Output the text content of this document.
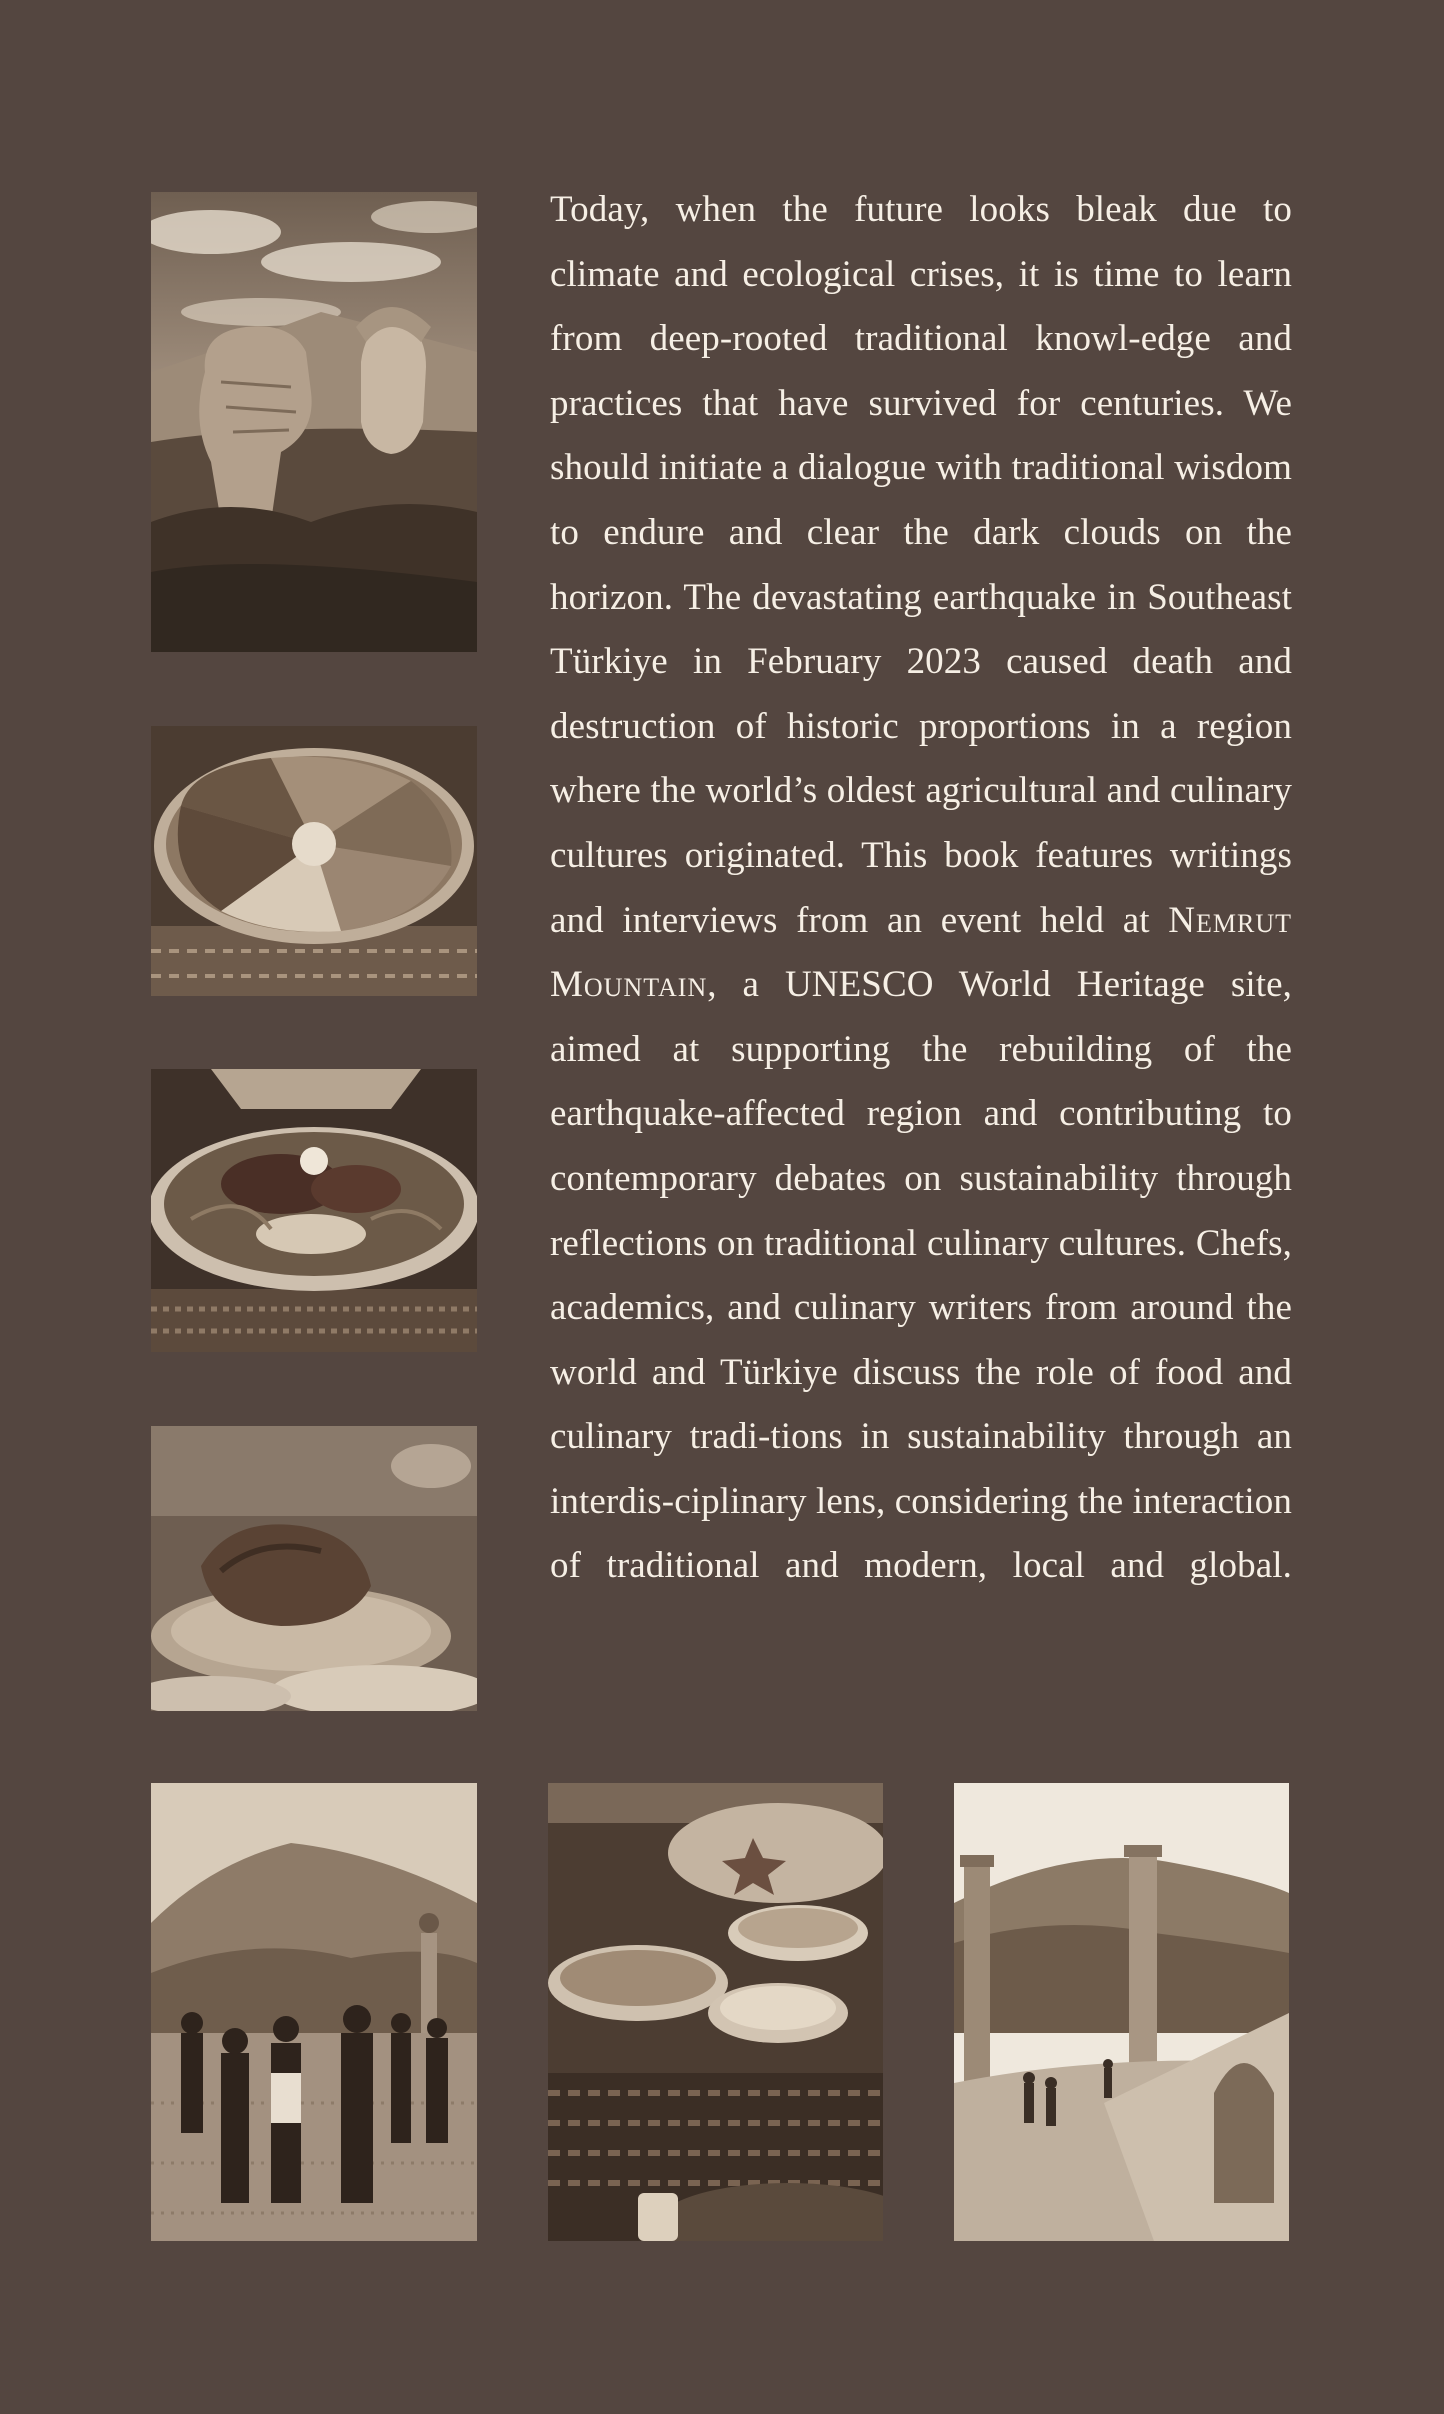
Today, when the future looks bleak due to climate and ecological crises, it is time to learn from deep-rooted traditional knowl-edge and practices that have survived for centuries. We should initiate a dialogue with traditional wisdom to endure and clear the dark clouds on the horizon. The devastating earthquake in Southeast Türkiye in February 2023 caused death and destruction of historic proportions in a region where the world’s oldest agricultural and culinary cultures originated. This book features writings and interviews from an event held at Nemrut Mountain, a UNESCO World Heritage site, aimed at supporting the rebuilding of the earthquake-affected region and contributing to contemporary debates on sustainability through reflections on traditional culinary cultures. Chefs, academics, and culinary writers from around the world and Türkiye discuss the role of food and culinary tradi-tions in sustainability through an interdis-ciplinary lens, considering the interaction of traditional and modern, local and global.
